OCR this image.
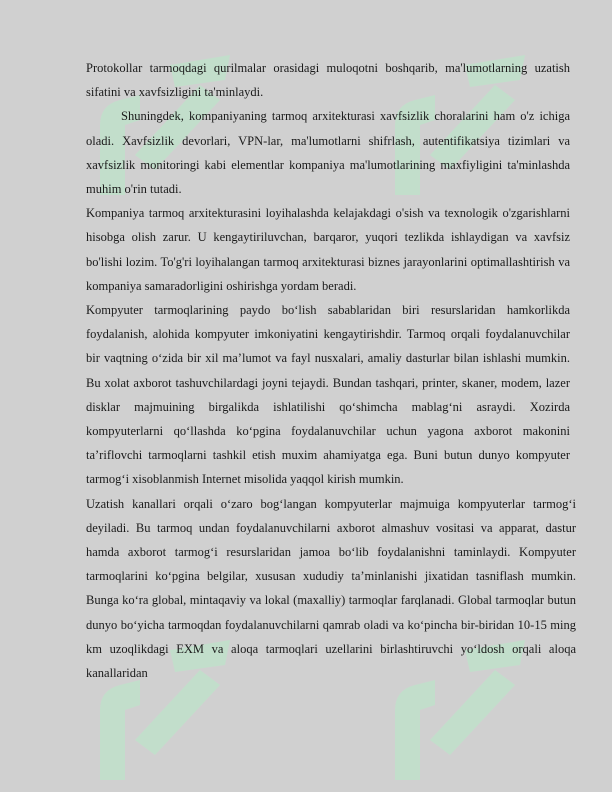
Protokollar tarmoqdagi qurilmalar orasidagi muloqotni boshqarib, ma'lumotlarning uzatish sifatini va xavfsizligini ta'minlaydi.

Shuningdek, kompaniyaning tarmoq arxitekturasi xavfsizlik choralarini ham o'z ichiga oladi. Xavfsizlik devorlari, VPN-lar, ma'lumotlarni shifrlash, autentifikatsiya tizimlari va xavfsizlik monitoringi kabi elementlar kompaniya ma'lumotlarining maxfiyligini ta'minlashda muhim o'rin tutadi.

Kompaniya tarmoq arxitekturasini loyihalashda kelajakdagi o'sish va texnologik o'zgarishlarni hisobga olish zarur. U kengaytiriluvchan, barqaror, yuqori tezlikda ishlaydigan va xavfsiz bo'lishi lozim. To'g'ri loyihalangan tarmoq arxitekturasi biznes jarayonlarini optimallashtirish va kompaniya samaradorligini oshirishga yordam beradi.

Kompyuter tarmoqlarining paydo bo‘lish sabablaridan biri resurslaridan hamkorlikda foydalanish, alohida kompyuter imkoniyatini kengaytirishdir. Tarmoq orqali foydalanuvchilar bir vaqtning o‘zida bir xil ma’lumot va fayl nusxalari, amaliy dasturlar bilan ishlashi mumkin. Bu xolat axborot tashuvchilardagi joyni tejaydi. Bundan tashqari, printer, skaner, modem, lazer disklar majmuining birgalikda ishlatilishi qo‘shimcha mablag‘ni asraydi. Xozirda kompyuterlarni qo‘llashda ko‘pgina foydalanuvchilar uchun yagona axborot makonini ta’riflovchi tarmoqlarni tashkil etish muxim ahamiyatga ega. Buni butun dunyo kompyuter tarmog‘i xisoblanmish Internet misolida yaqqol kirish mumkin.

Uzatish kanallari orqali o‘zaro bog‘langan kompyuterlar majmuiga kompyuterlar tarmog‘i deyiladi. Bu tarmoq undan foydalanuvchilarni axborot almashuv vositasi va apparat, dastur hamda axborot tarmog‘i resurslaridan jamoa bo‘lib foydalanishni taminlaydi. Kompyuter tarmoqlarini ko‘pgina belgilar, xususan xududiy ta’minlanishi jixatidan tasniflash mumkin. Bunga ko‘ra global, mintaqaviy va lokal (maxalliy) tarmoqlar farqlanadi. Global tarmoqlar butun dunyo bo‘yicha tarmoqdan foydalanuvchilarni qamrab oladi va ko‘pincha bir-biridan 10-15 ming km uzoqlikdagi EXM va aloqa tarmoqlari uzellarini birlashtiruvchi yo‘ldosh orqali aloqa kanallaridan
